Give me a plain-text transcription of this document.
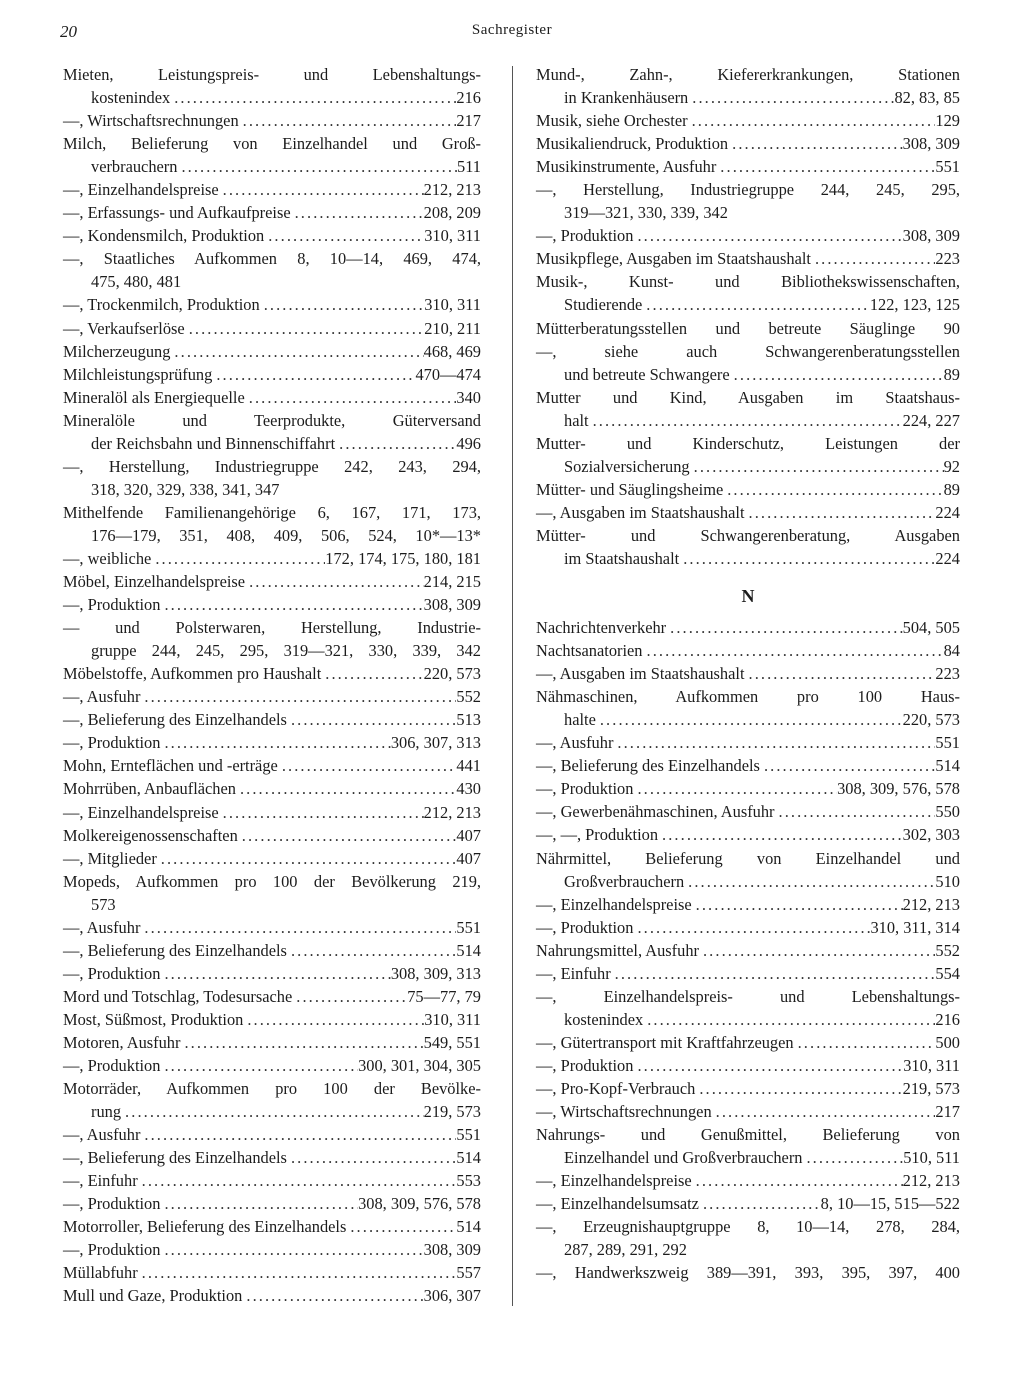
20	Sachregister
Mieten, Leistungspreis- und Lebenshaltungs-
kostenindex . . .	216
—, Wirtschaftsrechnungen . . .	217
Milch, Belieferung von Einzelhandel und Groß-
verbrauchern . . .	511
—, Einzelhandelspreise . . .	212, 213
—, Erfassungs- und Aufkaufpreise . . .	208, 209
—, Kondensmilch, Produktion . . .	310, 311
—, Staatliches Aufkommen 8, 10—14, 469, 474,
475, 480, 481
—, Trockenmilch, Produktion . . .	310, 311
—, Verkaufserlöse . . .	210, 211
Milcherzeugung . . .	468, 469
Milchleistungsprüfung . . .	470—474
Mineralöl als Energiequelle . . .	340
Mineralöle und Teerprodukte, Güterversand
der Reichsbahn und Binnenschiffahrt . . .	496
—, Herstellung, Industriegruppe 242, 243, 294,
318, 320, 329, 338, 341, 347
Mithelfende Familienangehörige 6, 167, 171, 173,
176—179, 351, 408, 409, 506, 524, 10*—13*
—, weibliche . . .	172, 174, 175, 180, 181
Möbel, Einzelhandelspreise . . .	214, 215
—, Produktion . . .	308, 309
— und Polsterwaren, Herstellung, Industrie-
gruppe 244, 245, 295, 319—321, 330, 339, 342
Möbelstoffe, Aufkommen pro Haushalt . . .	220, 573
—, Ausfuhr . . .	552
—, Belieferung des Einzelhandels . . .	513
—, Produktion . . .	306, 307, 313
Mohn, Ernteflächen und -erträge . . .	441
Mohrrüben, Anbauflächen . . .	430
—, Einzelhandelspreise . . .	212, 213
Molkereigenossenschaften . . .	407
—, Mitglieder . . .	407
Mopeds, Aufkommen pro 100 der Bevölkerung 219,
573
—, Ausfuhr . . .	551
—, Belieferung des Einzelhandels . . .	514
—, Produktion . . .	308, 309, 313
Mord und Totschlag, Todesursache . . .	75—77, 79
Most, Süßmost, Produktion . . .	310, 311
Motoren, Ausfuhr . . .	549, 551
—, Produktion . . .	300, 301, 304, 305
Motorräder, Aufkommen pro 100 der Bevölke-
rung . . .	219, 573
—, Ausfuhr . . .	551
—, Belieferung des Einzelhandels . . .	514
—, Einfuhr . . .	553
—, Produktion . . .	308, 309, 576, 578
Motorroller, Belieferung des Einzelhandels . . .	514
—, Produktion . . .	308, 309
Müllabfuhr . . .	557
Mull und Gaze, Produktion . . .	306, 307
Mund-, Zahn-, Kiefererkrankungen, Stationen
in Krankenhäusern . . .	82, 83, 85
Musik, siehe Orchester . . .	129
Musikaliendruck, Produktion . . .	308, 309
Musikinstrumente, Ausfuhr . . .	551
—, Herstellung, Industriegruppe 244, 245, 295,
319—321, 330, 339, 342
—, Produktion . . .	308, 309
Musikpflege, Ausgaben im Staatshaushalt . . .	223
Musik-, Kunst- und Bibliothekswissenschaften,
Studierende . . .	122, 123, 125
Mütterberatungsstellen und betreute Säuglinge 90
—, siehe auch Schwangerenberatungsstellen
und betreute Schwangere . . .	89
Mutter und Kind, Ausgaben im Staatshaus-
halt . . .	224, 227
Mutter- und Kinderschutz, Leistungen der
Sozialversicherung . . .	92
Mütter- und Säuglingsheime . . .	89
—, Ausgaben im Staatshaushalt . . .	224
Mütter- und Schwangerenberatung, Ausgaben
im Staatshaushalt . . .	224
N
Nachrichtenverkehr . . .	504, 505
Nachtsanatorien . . .	84
—, Ausgaben im Staatshaushalt . . .	223
Nähmaschinen, Aufkommen pro 100 Haus-
halte . . .	220, 573
—, Ausfuhr . . .	551
—, Belieferung des Einzelhandels . . .	514
—, Produktion . . .	308, 309, 576, 578
—, Gewerbenähmaschinen, Ausfuhr . . .	550
—, —, Produktion . . .	302, 303
Nährmittel, Belieferung von Einzelhandel und
Großverbrauchern . . .	510
—, Einzelhandelspreise . . .	212, 213
—, Produktion . . .	310, 311, 314
Nahrungsmittel, Ausfuhr . . .	552
—, Einfuhr . . .	554
—, Einzelhandelspreis- und Lebenshaltungs-
kostenindex . . .	216
—, Gütertransport mit Kraftfahrzeugen . . .	500
—, Produktion . . .	310, 311
—, Pro-Kopf-Verbrauch . . .	219, 573
—, Wirtschaftsrechnungen . . .	217
Nahrungs- und Genußmittel, Belieferung von
Einzelhandel und Großverbrauchern . . .	510, 511
—, Einzelhandelspreise . . .	212, 213
—, Einzelhandelsumsatz . . .	8, 10—15, 515—522
—, Erzeugnishauptgruppe 8, 10—14, 278, 284,
287, 289, 291, 292
—, Handwerkszweig 389—391, 393, 395, 397, 400
